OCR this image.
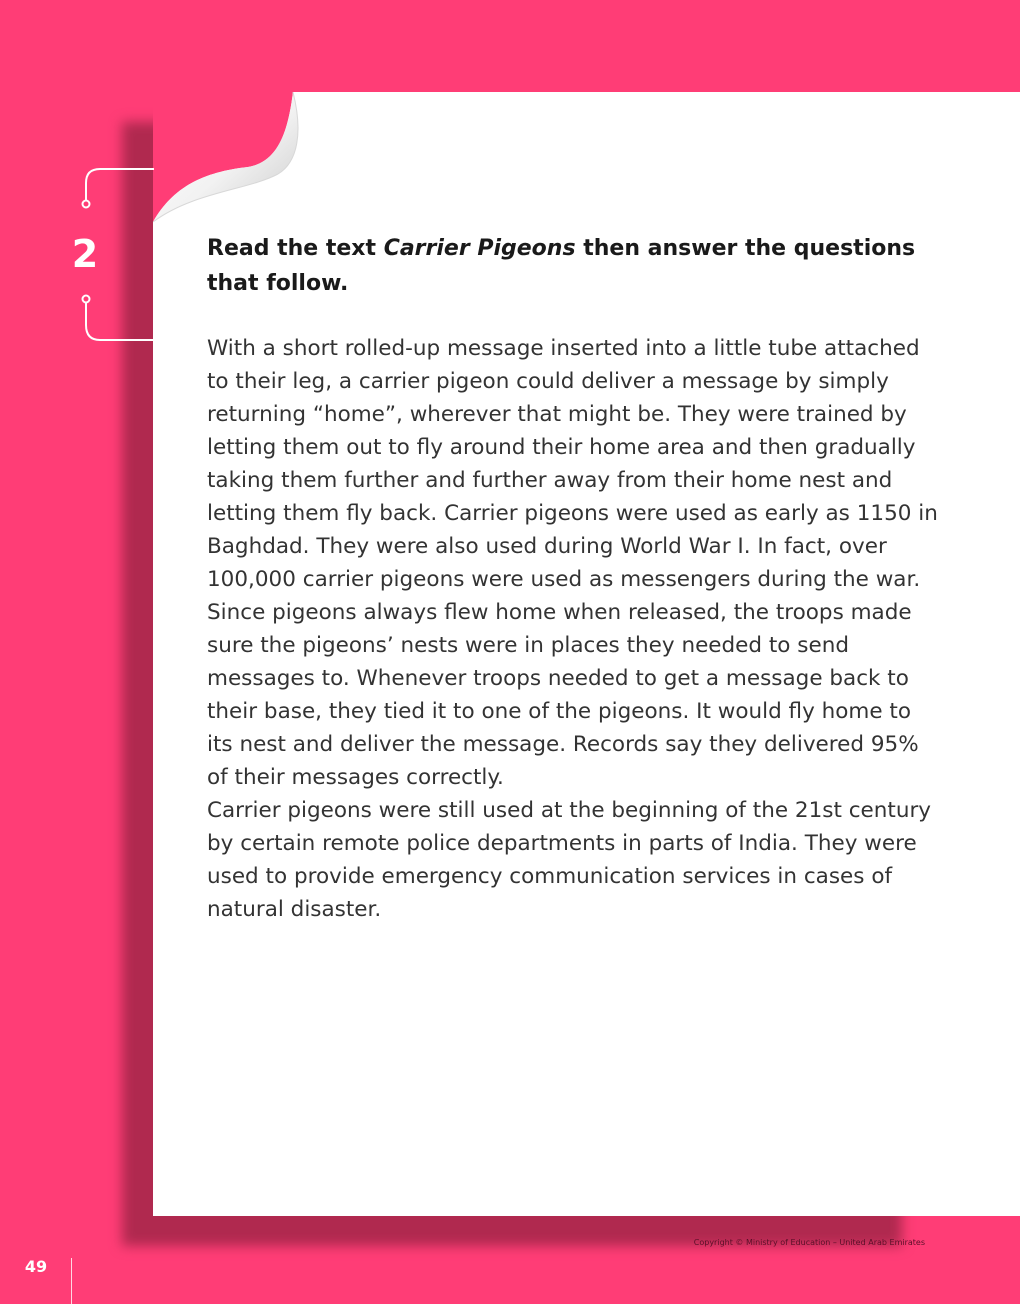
2	Read the text Carrier Pigeons then answer the questions that follow.

With a short rolled-up message inserted into a little tube attached to their leg, a carrier pigeon could deliver a message by simply returning “home”, wherever that might be. They were trained by letting them out to fly around their home area and then gradually taking them further and further away from their home nest and letting them fly back. Carrier pigeons were used as early as 1150 in Baghdad. They were also used during World War I. In fact, over 100,000 carrier pigeons were used as messengers during the war. Since pigeons always flew home when released, the troops made sure the pigeons’ nests were in places they needed to send messages to. Whenever troops needed to get a message back to their base, they tied it to one of the pigeons. It would fly home to its nest and deliver the message. Records say they delivered 95% of their messages correctly.

Carrier pigeons were still used at the beginning of the 21st century by certain remote police departments in parts of India. They were used to provide emergency communication services in cases of natural disaster.

Copyright © Ministry of Education – United Arab Emirates
49
